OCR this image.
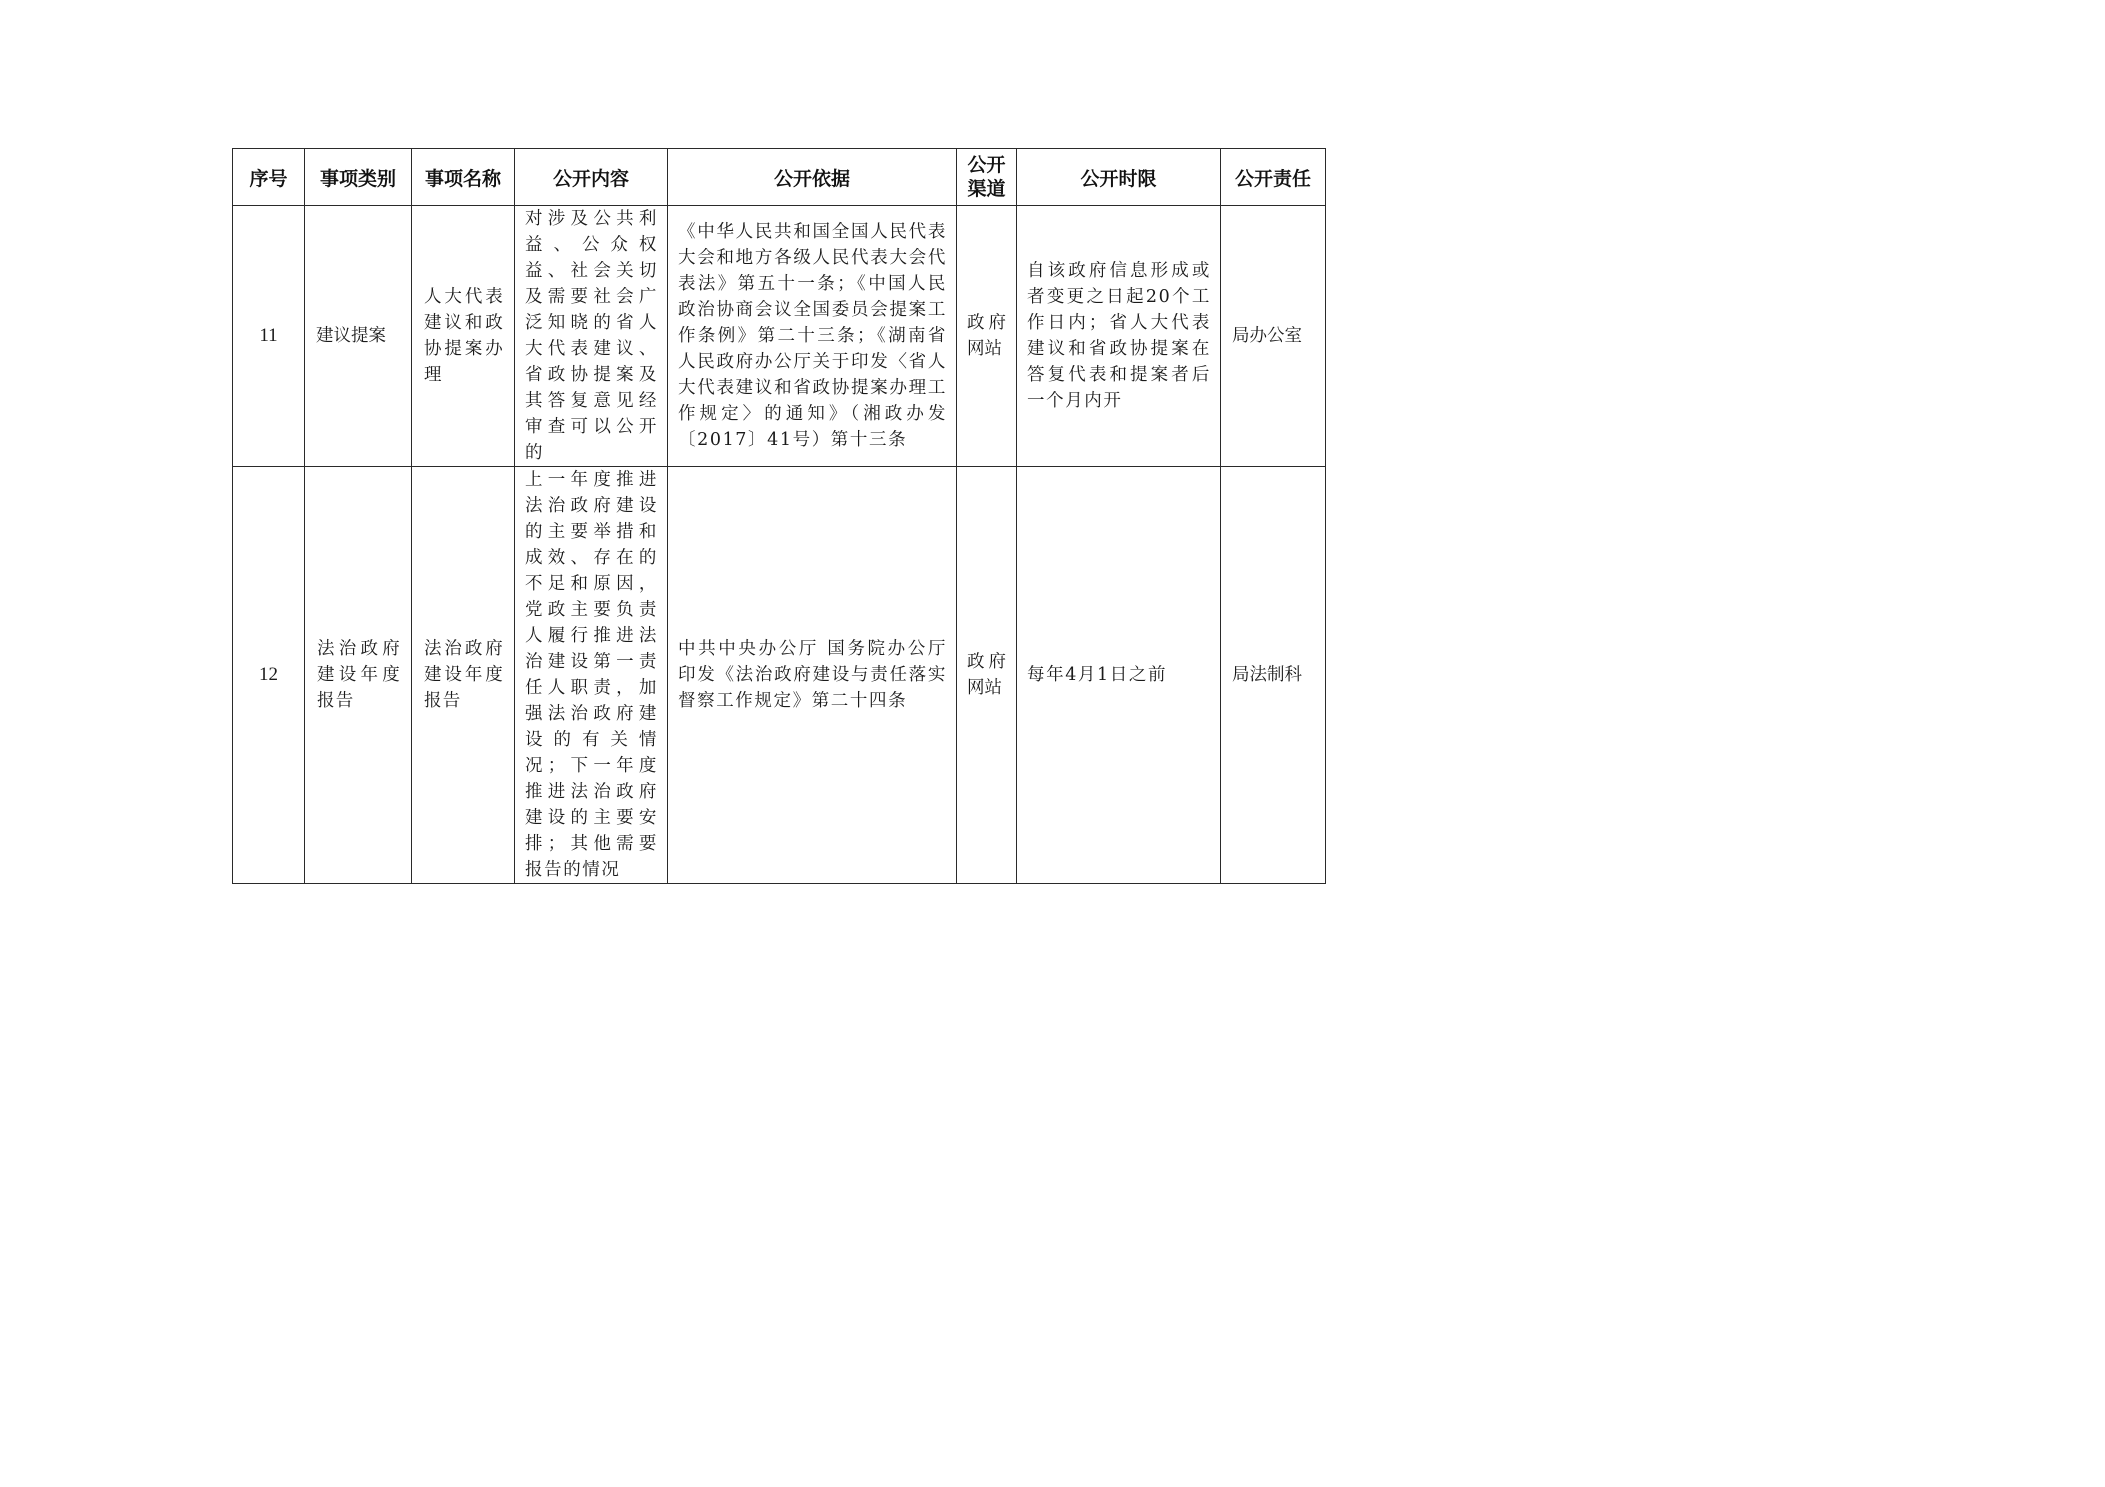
序号	事项类别	事项名称	公开内容	公开依据	公开渠道	公开时限	公开责任
11	建议提案	人大代表建议和政协提案办理	对涉及公共利益、公众权益、社会关切及需要社会广泛知晓的省人大代表建议、省政协提案及其答复意见经审查可以公开的	《中华人民共和国全国人民代表大会和地方各级人民代表大会代表法》第五十一条；《中国人民政治协商会议全国委员会提案工作条例》第二十三条；《湖南省人民政府办公厅关于印发〈省人大代表建议和省政协提案办理工作规定〉的通知》（湘政办发〔2017〕41号）第十三条	政府网站	自该政府信息形成或者变更之日起20个工作日内；省人大代表建议和省政协提案在答复代表和提案者后一个月内开	局办公室

12	法治政府建设年度报告	法治政府建设年度报告	上一年度推进法治政府建设的主要举措和成效、存在的不足和原因，党政主要负责人履行推进法治建设第一责任人职责，加强法治政府建设的有关情况；下一年度推进法治政府建设的主要安排；其他需要报告的情况	中共中央办公厅 国务院办公厅印发《法治政府建设与责任落实督察工作规定》第二十四条	政府网站	每年4月1日之前	局法制科
